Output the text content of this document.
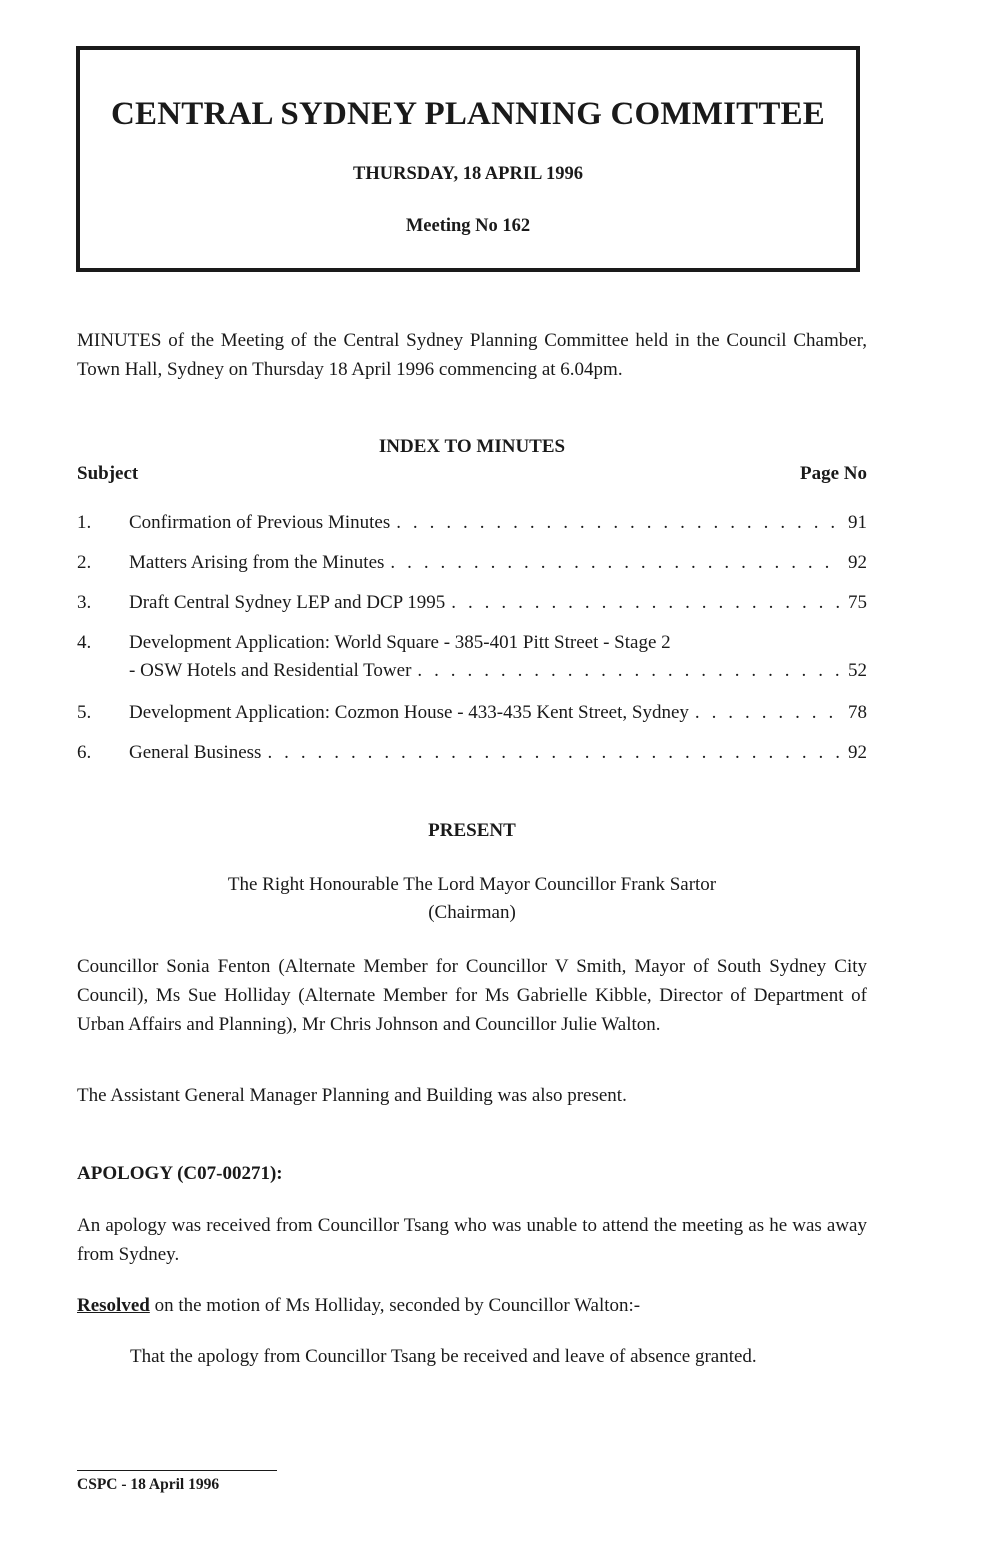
CENTRAL SYDNEY PLANNING COMMITTEE
THURSDAY, 18 APRIL 1996
Meeting No 162
MINUTES of the Meeting of the Central Sydney Planning Committee held in the Council Chamber, Town Hall, Sydney on Thursday 18 April 1996 commencing at 6.04pm.
INDEX TO MINUTES
Subject	Page No
1. Confirmation of Previous Minutes . . .	91
2. Matters Arising from the Minutes . . .	92
3. Draft Central Sydney LEP and DCP 1995 . . .	75
4. Development Application: World Square - 385-401 Pitt Street - Stage 2
- OSW Hotels and Residential Tower . . .	52
5. Development Application: Cozmon House - 433-435 Kent Street, Sydney . . .	78
6. General Business . . .	92
PRESENT
The Right Honourable The Lord Mayor Councillor Frank Sartor
(Chairman)
Councillor Sonia Fenton (Alternate Member for Councillor V Smith, Mayor of South Sydney City Council), Ms Sue Holliday (Alternate Member for Ms Gabrielle Kibble, Director of Department of Urban Affairs and Planning), Mr Chris Johnson and Councillor Julie Walton.
The Assistant General Manager Planning and Building was also present.
APOLOGY (C07-00271):
An apology was received from Councillor Tsang who was unable to attend the meeting as he was away from Sydney.
Resolved on the motion of Ms Holliday, seconded by Councillor Walton:-
That the apology from Councillor Tsang be received and leave of absence granted.
CSPC - 18 April 1996
